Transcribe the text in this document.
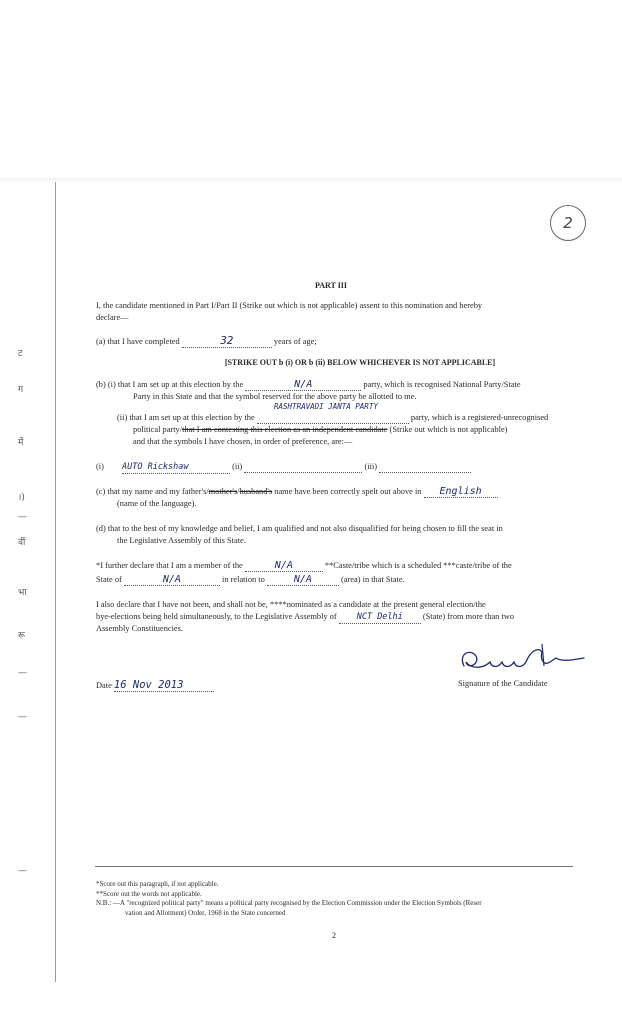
ट
ग
में
।)
—
वीं
भा
रू
—
—
—
2
PART III
I, the candidate mentioned in Part I/Part II (Strike out which is not applicable) assent to this nomination and hereby
declare—
(a) that I have completed	32	years of age;
[STRIKE OUT b (i) OR b (ii) BELOW WHICHEVER IS NOT APPLICABLE]
(b) (i) that I am set up at this election by the	N/A	party, which is recognised National Party/State
Party in this State and that the symbol reserved for the above party be allotted to me.
RASHTRAVADI JANTA PARTY
(ii) that I am set up at this election by the	party, which is a registered-unrecognised
political party/that I am contesting this election as an independent candidate (Strike out which is not applicable)
and that the symbols I have chosen, in order of preference, are:—
(i) AUTO Rickshaw	(ii)	(iii)
(c) that my name and my father's/mother's/husband's name have been correctly spelt out above in English
(name of the language).
(d) that to the best of my knowledge and belief, I am qualified and not also disqualified for being chosen to fill the seat in
the Legislative Assembly of this State.
*I further declare that I am a member of the	N/A	**Caste/tribe which is a scheduled ***caste/tribe of the
State of	N/A	in relation to	N/A	(area) in that State.
I also declare that I have not been, and shall not be, ****nominated as a candidate at the present general election/the
bye-elections being held simultaneously, to the Legislative Assembly of NCT Delhi (State) from more than two
Assembly Constituencies.
Date 16 Nov 2013	Signature of the Candidate
*Score out this paragraph, if not applicable.
**Score out the words not applicable.
N.B.: —A "recognized political party" means a political party recognised by the Election Commission under the Election Symbols (Reser
vation and Allotment) Order, 1968 in the State concerned
2
